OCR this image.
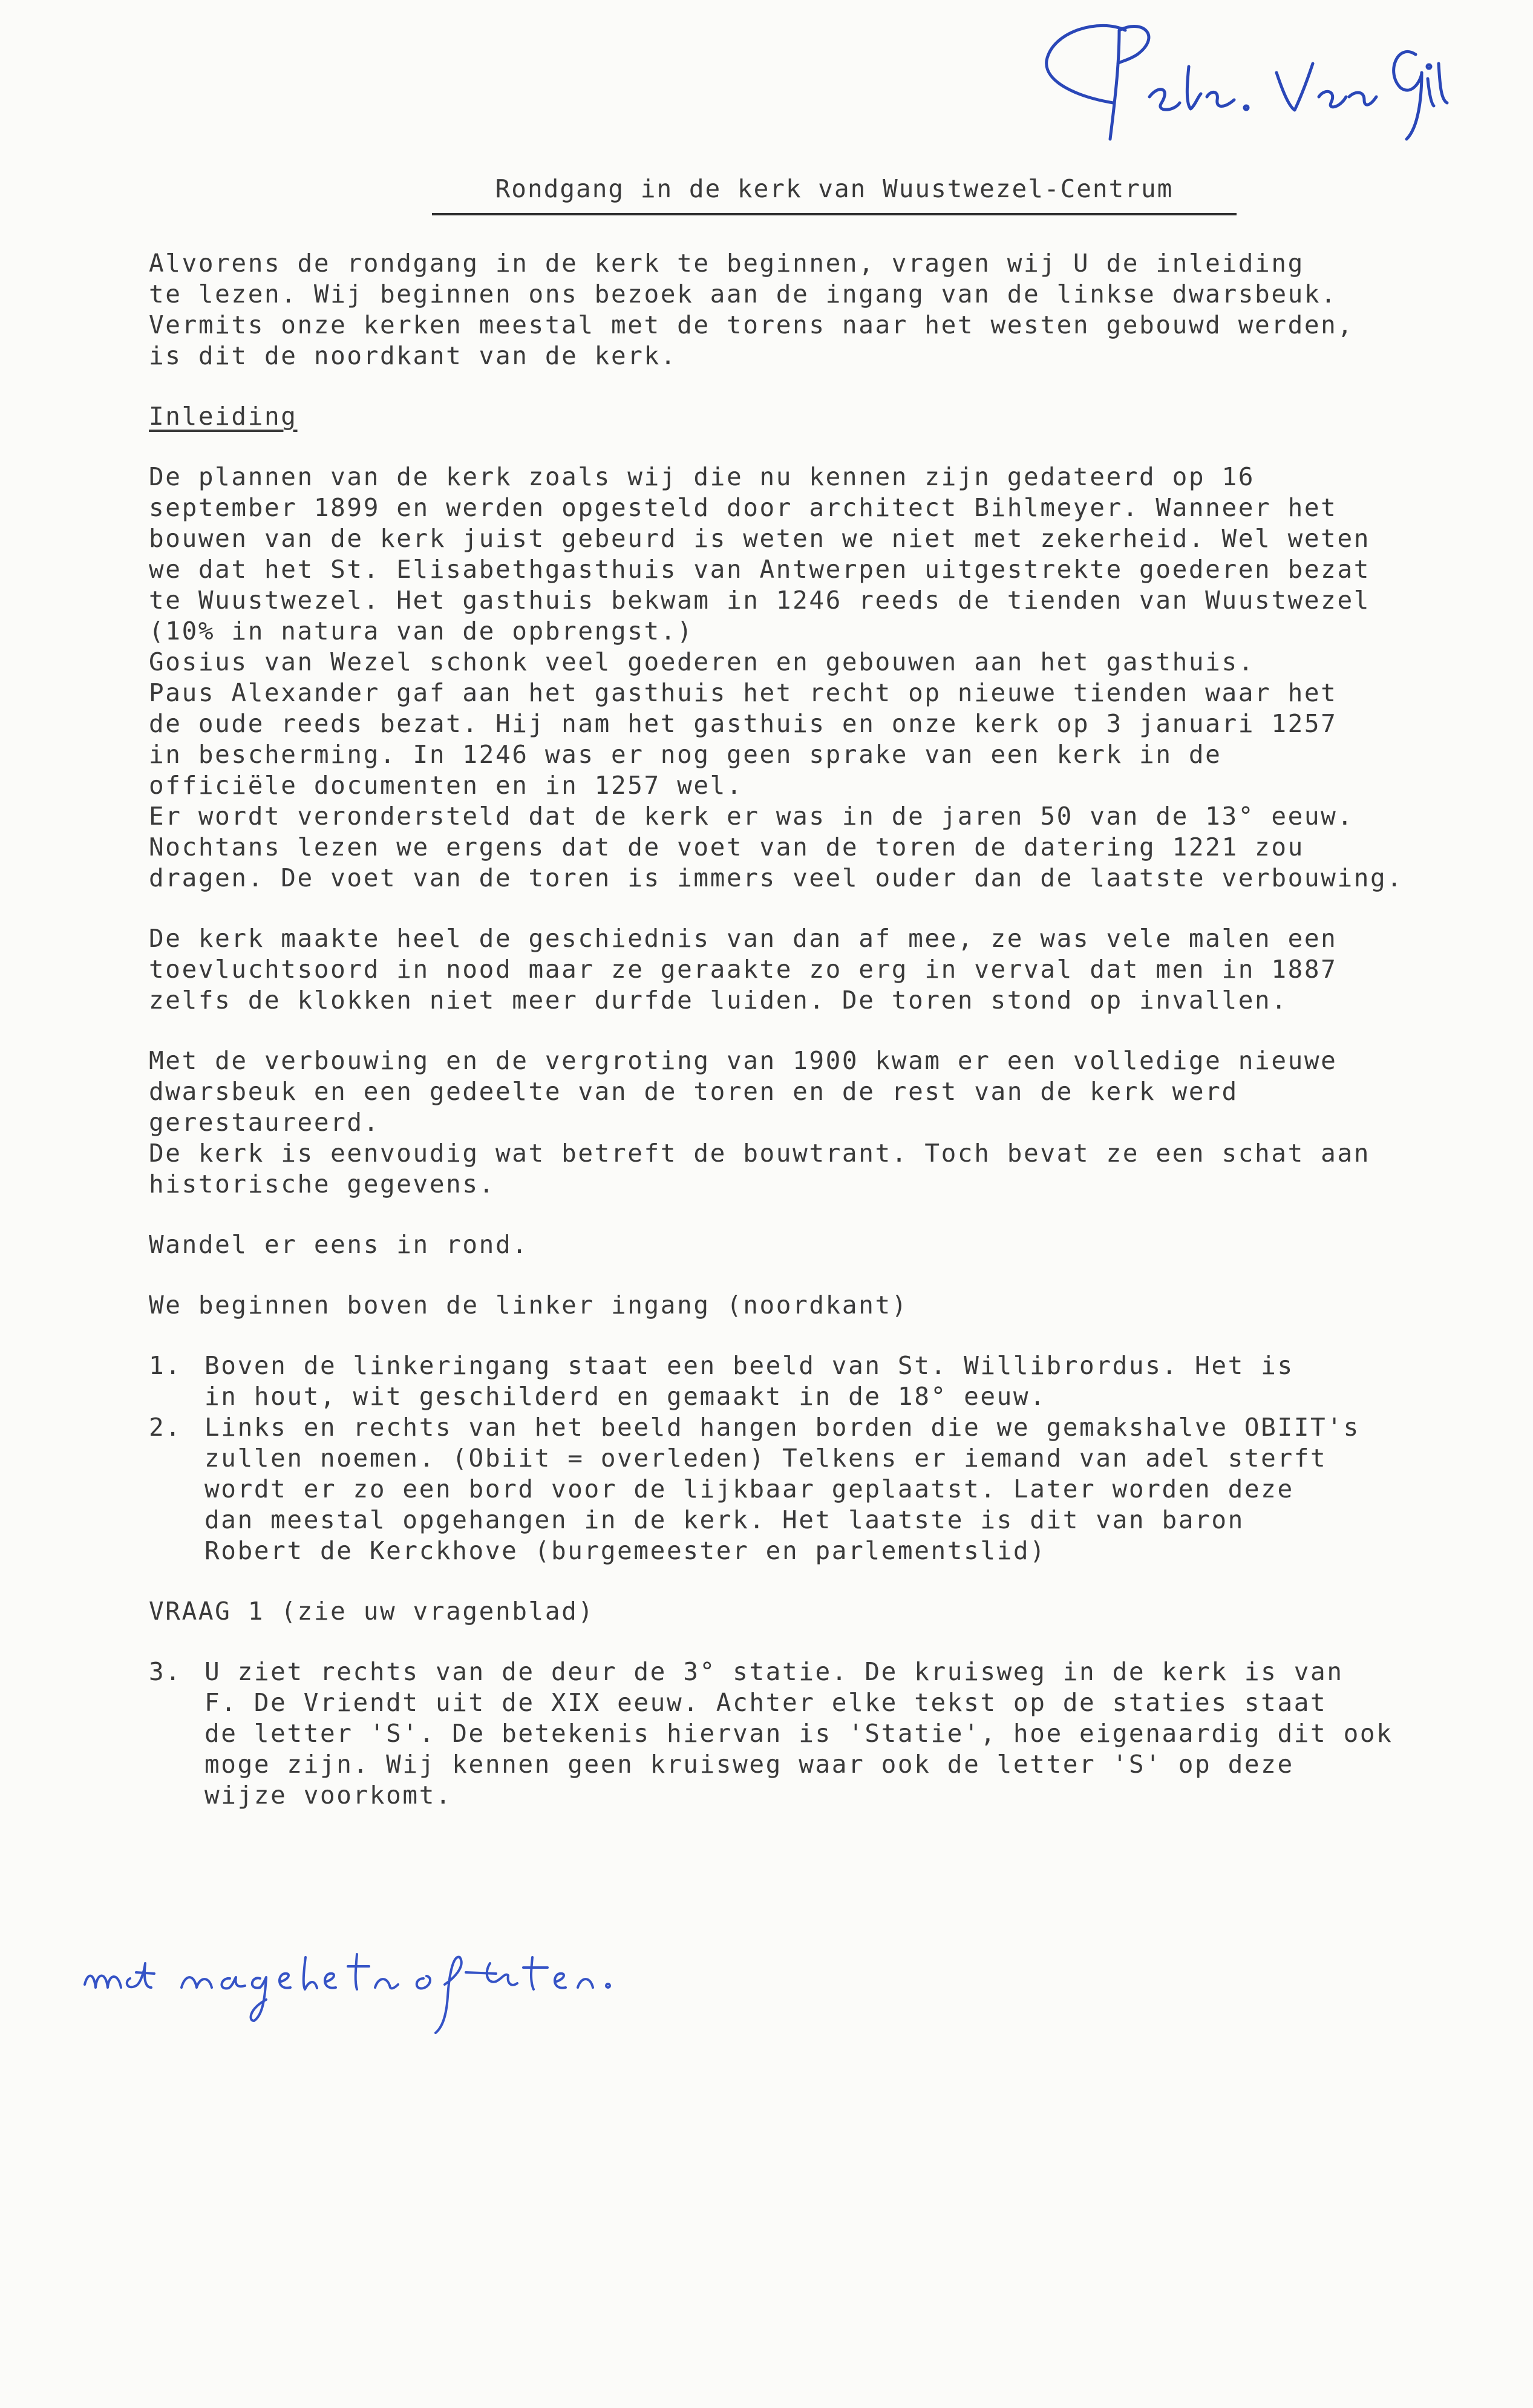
Rondgang in de kerk van Wuustwezel-Centrum
Alvorens de rondgang in de kerk te beginnen, vragen wij U de inleiding
te lezen. Wij beginnen ons bezoek aan de ingang van de linkse dwarsbeuk.
Vermits onze kerken meestal met de torens naar het westen gebouwd werden,
is dit de noordkant van de kerk.
Inleiding
De plannen van de kerk zoals wij die nu kennen zijn gedateerd op 16
september 1899 en werden opgesteld door architect Bihlmeyer. Wanneer het
bouwen van de kerk juist gebeurd is weten we niet met zekerheid. Wel weten
we dat het St. Elisabethgasthuis van Antwerpen uitgestrekte goederen bezat
te Wuustwezel. Het gasthuis bekwam in 1246 reeds de tienden van Wuustwezel
(10% in natura van de opbrengst.)
Gosius van Wezel schonk veel goederen en gebouwen aan het gasthuis.
Paus Alexander gaf aan het gasthuis het recht op nieuwe tienden waar het
de oude reeds bezat. Hij nam het gasthuis en onze kerk op 3 januari 1257
in bescherming. In 1246 was er nog geen sprake van een kerk in de
officiële documenten en in 1257 wel.
Er wordt verondersteld dat de kerk er was in de jaren 50 van de 13° eeuw.
Nochtans lezen we ergens dat de voet van de toren de datering 1221 zou
dragen. De voet van de toren is immers veel ouder dan de laatste verbouwing.
De kerk maakte heel de geschiednis van dan af mee, ze was vele malen een
toevluchtsoord in nood maar ze geraakte zo erg in verval dat men in 1887
zelfs de klokken niet meer durfde luiden. De toren stond op invallen.
Met de verbouwing en de vergroting van 1900 kwam er een volledige nieuwe
dwarsbeuk en een gedeelte van de toren en de rest van de kerk werd
gerestaureerd.
De kerk is eenvoudig wat betreft de bouwtrant. Toch bevat ze een schat aan
historische gegevens.
Wandel er eens in rond.
We beginnen boven de linker ingang (noordkant)
1. Boven de linkeringang staat een beeld van St. Willibrordus. Het is
in hout, wit geschilderd en gemaakt in de 18° eeuw.
2. Links en rechts van het beeld hangen borden die we gemakshalve OBIIT's
zullen noemen. (Obiit = overleden) Telkens er iemand van adel sterft
wordt er zo een bord voor de lijkbaar geplaatst. Later worden deze
dan meestal opgehangen in de kerk. Het laatste is dit van baron
Robert de Kerckhove (burgemeester en parlementslid)
VRAAG 1 (zie uw vragenblad)
3. U ziet rechts van de deur de 3° statie. De kruisweg in de kerk is van
F. De Vriendt uit de XIX eeuw. Achter elke tekst op de staties staat
de letter 'S'. De betekenis hiervan is 'Statie', hoe eigenaardig dit ook
moge zijn. Wij kennen geen kruisweg waar ook de letter 'S' op deze
wijze voorkomt.
